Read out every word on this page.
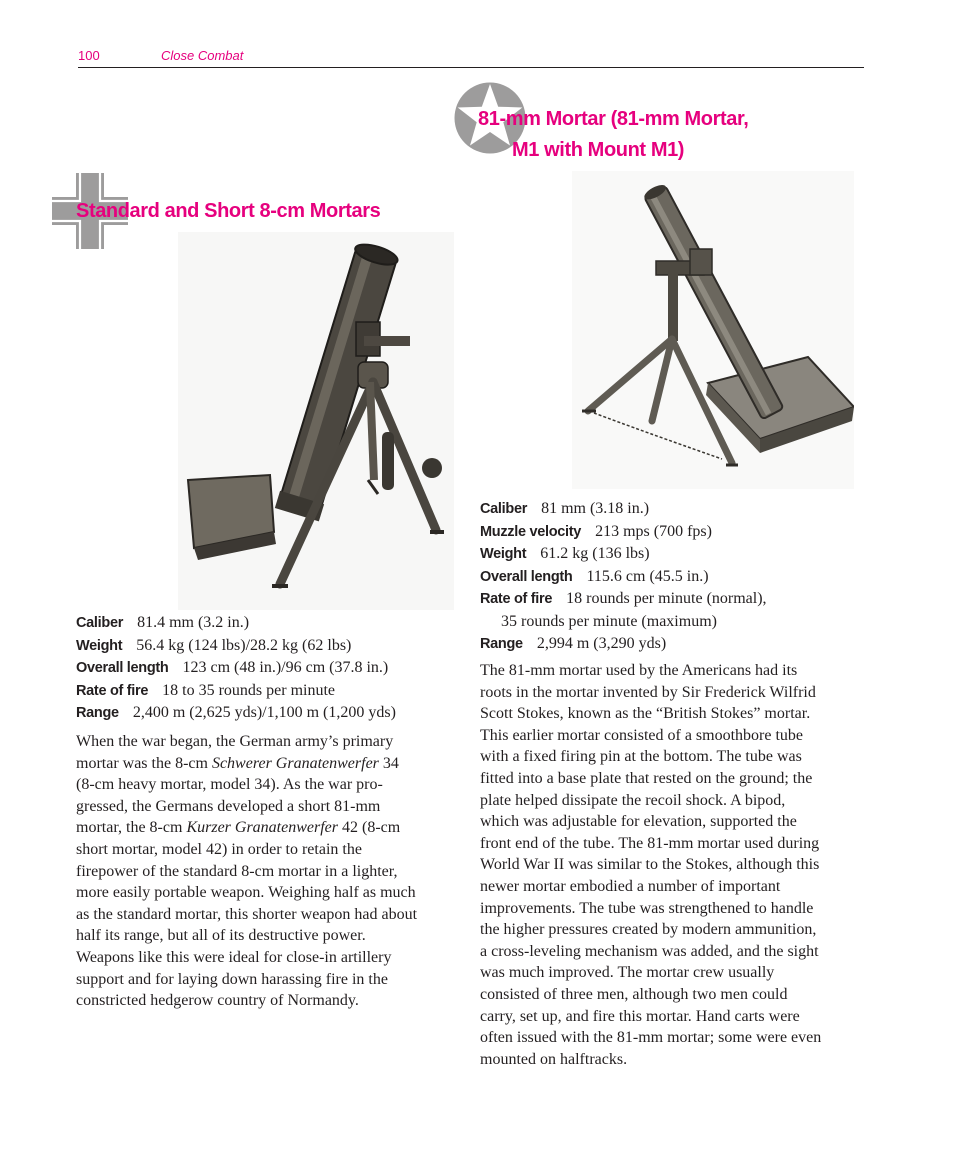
100	Close Combat
81-mm Mortar (81-mm Mortar,
M1 with Mount M1)
Standard and Short 8-cm Mortars
Caliber 81 mm (3.18 in.)
Muzzle velocity 213 mps (700 fps)
Weight 61.2 kg (136 lbs)
Overall length 115.6 cm (45.5 in.)
Rate of fire 18 rounds per minute (normal),
35 rounds per minute (maximum)
Range 2,994 m (3,290 yds)
Caliber 81.4 mm (3.2 in.)
Weight 56.4 kg (124 lbs)/28.2 kg (62 lbs)
Overall length 123 cm (48 in.)/96 cm (37.8 in.)
Rate of fire 18 to 35 rounds per minute
Range 2,400 m (2,625 yds)/1,100 m (1,200 yds)
When the war began, the German army’s primary
mortar was the 8-cm Schwerer Granatenwerfer 34
(8-cm heavy mortar, model 34). As the war pro-
gressed, the Germans developed a short 81-mm
mortar, the 8-cm Kurzer Granatenwerfer 42 (8-cm
short mortar, model 42) in order to retain the
firepower of the standard 8-cm mortar in a lighter,
more easily portable weapon. Weighing half as much
as the standard mortar, this shorter weapon had about
half its range, but all of its destructive power.
Weapons like this were ideal for close-in artillery
support and for laying down harassing fire in the
constricted hedgerow country of Normandy.
The 81-mm mortar used by the Americans had its
roots in the mortar invented by Sir Frederick Wilfrid
Scott Stokes, known as the “British Stokes” mortar.
This earlier mortar consisted of a smoothbore tube
with a fixed firing pin at the bottom. The tube was
fitted into a base plate that rested on the ground; the
plate helped dissipate the recoil shock. A bipod,
which was adjustable for elevation, supported the
front end of the tube. The 81-mm mortar used during
World War II was similar to the Stokes, although this
newer mortar embodied a number of important
improvements. The tube was strengthened to handle
the higher pressures created by modern ammunition,
a cross-leveling mechanism was added, and the sight
was much improved. The mortar crew usually
consisted of three men, although two men could
carry, set up, and fire this mortar. Hand carts were
often issued with the 81-mm mortar; some were even
mounted on halftracks.
